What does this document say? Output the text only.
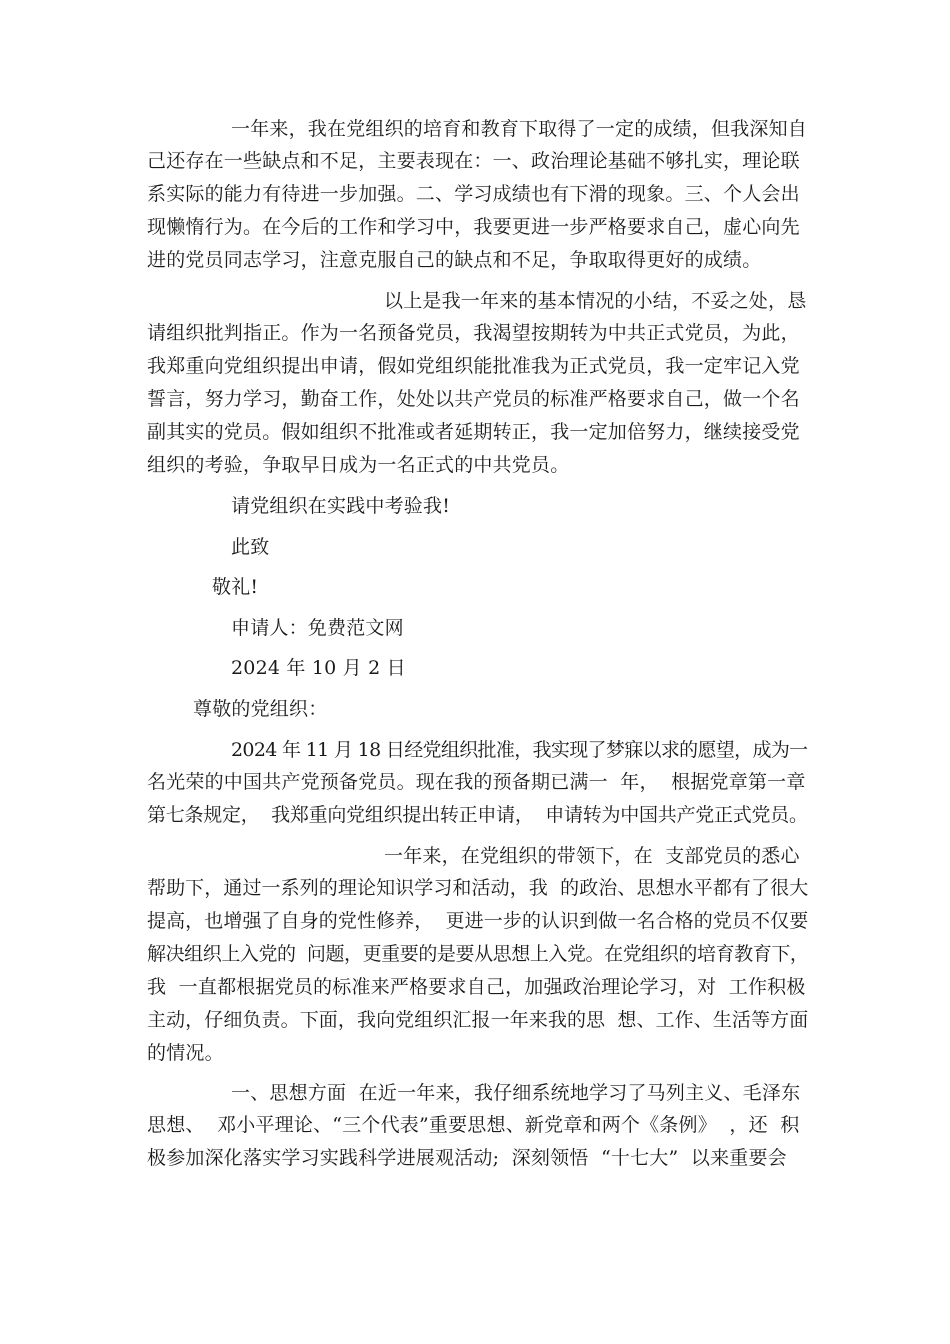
一年来，我在党组织的培育和教育下取得了一定的成绩，但我深知自
己还存在一些缺点和不足，主要表现在：一、政治理论基础不够扎实，理论联
系实际的能力有待进一步加强。二、学习成绩也有下滑的现象。三、个人会出
现懒惰行为。在今后的工作和学习中，我要更进一步严格要求自己，虚心向先
进的党员同志学习，注意克服自己的缺点和不足，争取取得更好的成绩。
以上是我一年来的基本情况的小结，不妥之处，恳
请组织批判指正。作为一名预备党员，我渴望按期转为中共正式党员，为此，
我郑重向党组织提出申请，假如党组织能批准我为正式党员，我一定牢记入党
誓言，努力学习，勤奋工作，处处以共产党员的标准严格要求自己，做一个名
副其实的党员。假如组织不批准或者延期转正，我一定加倍努力，继续接受党
组织的考验，争取早日成为一名正式的中共党员。
请党组织在实践中考验我!
此致
敬礼!
申请人：免费范文网
2024 年 10 月 2 日
尊敬的党组织：
2024 年 11 月 18 日经党组织批准，我实现了梦寐以求的愿望，成为一
名光荣的中国共产党预备党员。现在我的预备期已满一  年，  根据党章第一章
第七条规定，  我郑重向党组织提出转正申请，  申请转为中国共产党正式党员。
一年来，在党组织的带领下，在  支部党员的悉心
帮助下，通过一系列的理论知识学习和活动，我  的政治、思想水平都有了很大
提高，也增强了自身的党性修养，  更进一步的认识到做一名合格的党员不仅要
解决组织上入党的  问题，更重要的是要从思想上入党。在党组织的培育教育下，
我  一直都根据党员的标准来严格要求自己，加强政治理论学习，对  工作积极
主动，仔细负责。下面，我向党组织汇报一年来我的思  想、工作、生活等方面
的情况。
一、思想方面  在近一年来，我仔细系统地学习了马列主义、毛泽东
思想、  邓小平理论、“三个代表”重要思想、新党章和两个《条例》  ，还  积
极参加深化落实学习实践科学进展观活动;  深刻领悟  “十七大”  以来重要会
